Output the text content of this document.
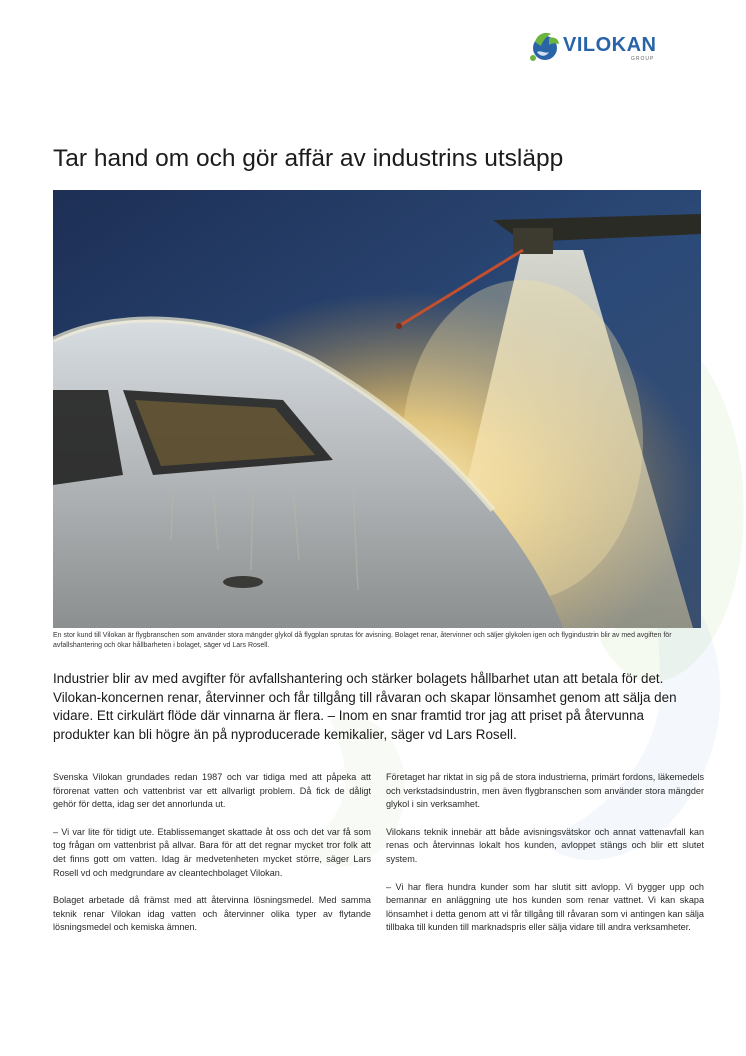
VILOKAN
GROUP
Tar hand om och gör affär av industrins utsläpp

En stor kund till Vilokan är flygbranschen som använder stora mängder glykol då flygplan sprutas för avisning. Bolaget renar, återvinner och säljer glykolen igen och flygindustrin blir av med avgiften för avfallshantering och ökar hållbarheten i bolaget, säger vd Lars Rosell.

Industrier blir av med avgifter för avfallshantering och stärker bolagets hållbarhet utan att betala för det. Vilokan-koncernen renar, återvinner och får tillgång till råvaran och skapar lönsamhet genom att sälja den vidare. Ett cirkulärt flöde där vinnarna är flera. – Inom en snar framtid tror jag att priset på återvunna produkter kan bli högre än på nyproducerade kemikalier, säger vd Lars Rosell.

Svenska Vilokan grundades redan 1987 och var tidiga med att påpeka att förorenat vatten och vattenbrist var ett allvarligt problem. Då fick de dåligt gehör för detta, idag ser det annorlunda ut.

– Vi var lite för tidigt ute. Etablissemanget skattade åt oss och det var få som tog frågan om vattenbrist på allvar. Bara för att det regnar mycket tror folk att det finns gott om vatten. Idag är medvetenheten mycket större, säger Lars Rosell vd och medgrundare av cleantechbolaget Vilokan.

Bolaget arbetade då främst med att återvinna lösningsmedel. Med samma teknik renar Vilokan idag vatten och återvinner olika typer av flytande lösningsmedel och kemiska ämnen.

Företaget har riktat in sig på de stora industrierna, primärt fordons, läkemedels och verkstadsindustrin, men även flygbranschen som använder stora mängder glykol i sin verksamhet.

Vilokans teknik innebär att både avisningsvätskor och annat vattenavfall kan renas och återvinnas lokalt hos kunden, avloppet stängs och blir ett slutet system.

– Vi har flera hundra kunder som har slutit sitt avlopp. Vi bygger upp och bemannar en anläggning ute hos kunden som renar vattnet. Vi kan skapa lönsamhet i detta genom att vi får tillgång till råvaran som vi antingen kan sälja tillbaka till kunden till marknadspris eller sälja vidare till andra verksamheter.
